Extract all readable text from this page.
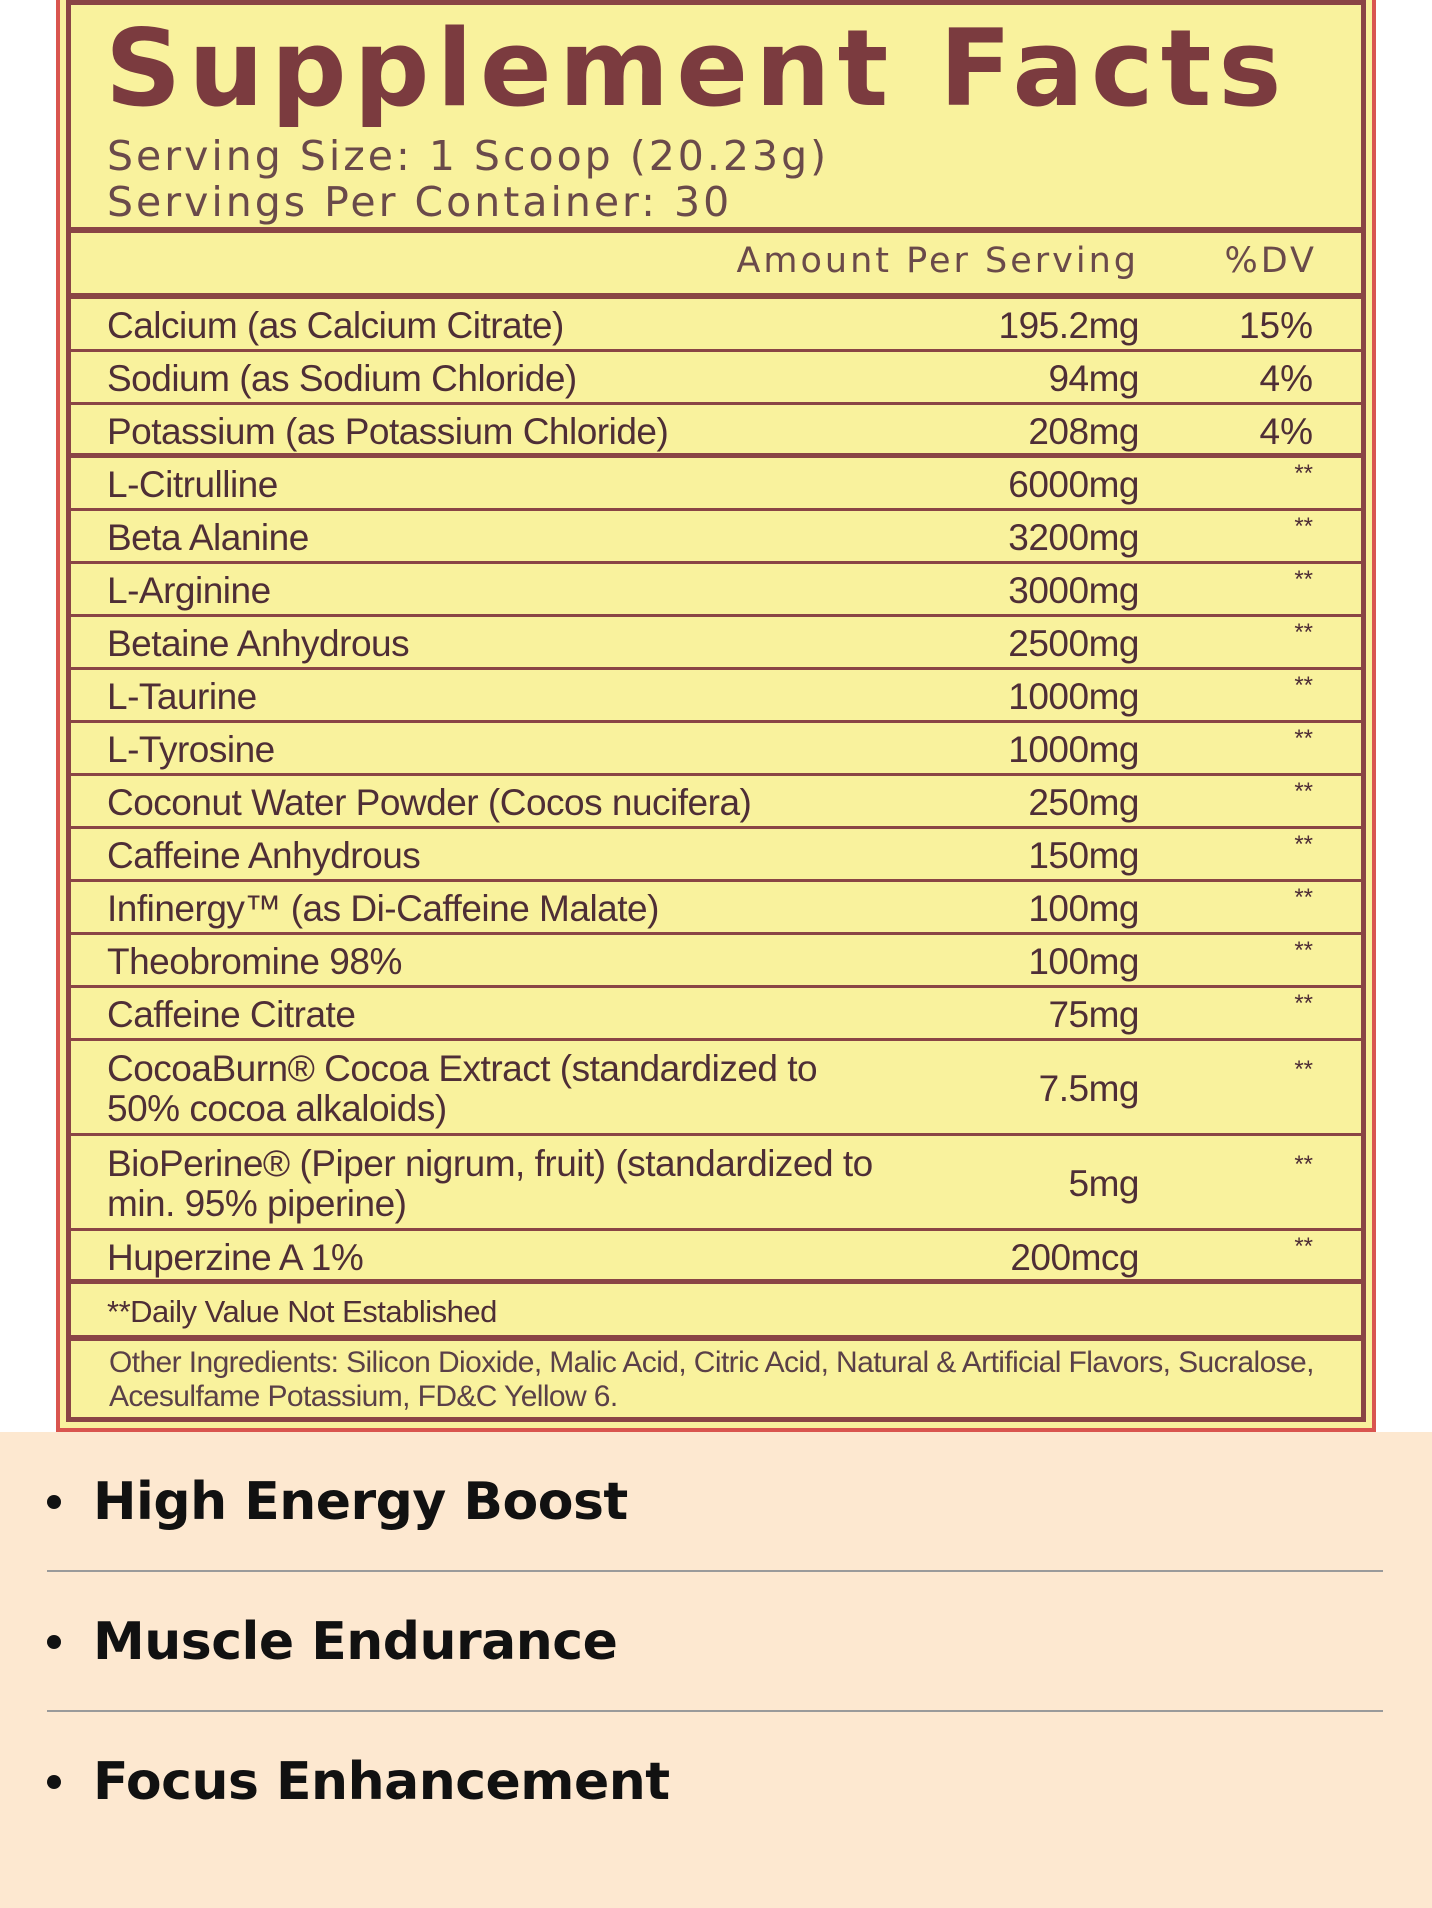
Supplement Facts
Serving Size: 1 Scoop (20.23g)
Servings Per Container: 30
Amount Per Serving %DV
Calcium (as Calcium Citrate)	195.2mg	15%
Sodium (as Sodium Chloride)	94mg	4%
Potassium (as Potassium Chloride)	208mg	4%
L-Citrulline	6000mg	**
Beta Alanine	3200mg	**
L-Arginine	3000mg	**
Betaine Anhydrous	2500mg	**
L-Taurine	1000mg	**
L-Tyrosine	1000mg	**
Coconut Water Powder (Cocos nucifera)	250mg	**
Caffeine Anhydrous	150mg	**
Infinergy™ (as Di-Caffeine Malate)	100mg	**
Theobromine 98%	100mg	**
Caffeine Citrate	75mg	**
CocoaBurn® Cocoa Extract (standardized to 50% cocoa alkaloids)	7.5mg	**
BioPerine® (Piper nigrum, fruit) (standardized to min. 95% piperine)	5mg	**
Huperzine A 1%	200mcg	**
**Daily Value Not Established
Other Ingredients: Silicon Dioxide, Malic Acid, Citric Acid, Natural & Artificial Flavors, Sucralose, Acesulfame Potassium, FD&C Yellow 6.
High Energy Boost
Muscle Endurance
Focus Enhancement
